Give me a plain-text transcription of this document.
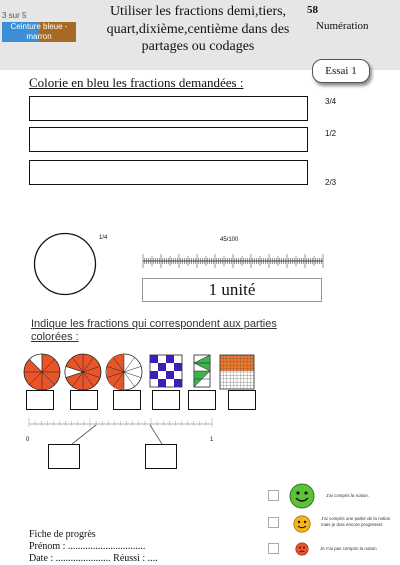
Ceinture bleue - marron
3 sur 5	Utiliser les fractions demi,tiers, quart,dixième,centième dans des partages ou codages
58
Numération
Essai 1
Colorie en bleu les fractions demandées :
3/4
1/2
2/3
1/4	45/100
1 unité
Indique les fractions qui correspondent aux parties colorées :
0	1
J'ai compris la notion.
J'ai compris une partie de la notion mais je dois encore progresser.
Je n'ai pas compris la notion
Fiche de progrès
Prénom : ...............................
Date : ...................... Réussi : ....
